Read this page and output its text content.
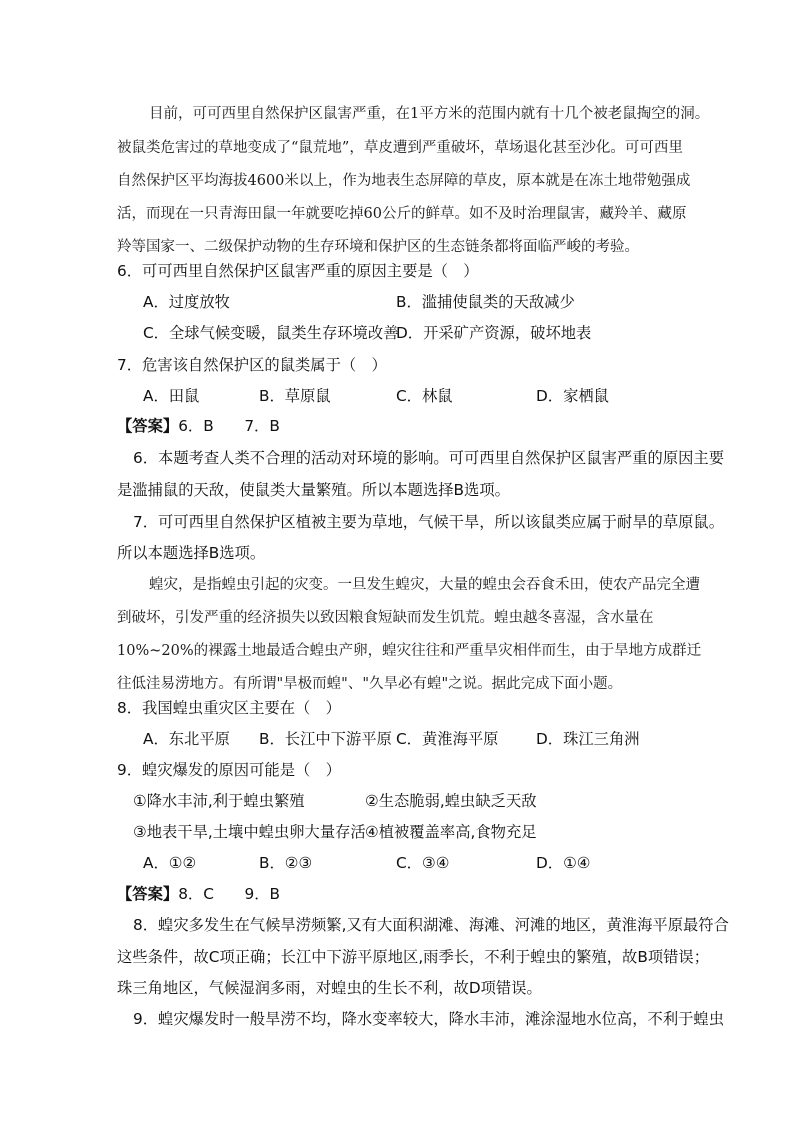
目前，可可西里自然保护区鼠害严重，在1平方米的范围内就有十几个被老鼠掏空的洞。
被鼠类危害过的草地变成了“鼠荒地”，草皮遭到严重破坏，草场退化甚至沙化。可可西里
自然保护区平均海拔4600米以上，作为地表生态屏障的草皮，原本就是在冻土地带勉强成
活，而现在一只青海田鼠一年就要吃掉60公斤的鲜草。如不及时治理鼠害，藏羚羊、藏原
羚等国家一、二级保护动物的生存环境和保护区的生态链条都将面临严峻的考验。
6．可可西里自然保护区鼠害严重的原因主要是（　）
A．过度放牧	B．滥捕使鼠类的天敌减少
C．全球气候变暖，鼠类生存环境改善
D．开采矿产资源，破坏地表
7．危害该自然保护区的鼠类属于（　）
A．田鼠	B．草原鼠	C．林鼠	D．家栖鼠
【答案】6．B　　7．B
6．本题考查人类不合理的活动对环境的影响。可可西里自然保护区鼠害严重的原因主要
是滥捕鼠的天敌，使鼠类大量繁殖。所以本题选择B选项。
7．可可西里自然保护区植被主要为草地，气候干旱，所以该鼠类应属于耐旱的草原鼠。
所以本题选择B选项。
蝗灾，是指蝗虫引起的灾变。一旦发生蝗灾，大量的蝗虫会吞食禾田，使农产品完全遭
到破坏，引发严重的经济损失以致因粮食短缺而发生饥荒。蝗虫越冬喜湿，含水量在
10%~20%的裸露土地最适合蝗虫产卵，蝗灾往往和严重旱灾相伴而生，由于旱地方成群迁
往低洼易涝地方。有所谓"旱极而蝗"、"久旱必有蝗"之说。据此完成下面小题。
8．我国蝗虫重灾区主要在（　）
A．东北平原 B．长江中下游平原 C．黄淮海平原 D．珠江三角洲
9．蝗灾爆发的原因可能是（　）
①降水丰沛,利于蝗虫繁殖	②生态脆弱,蝗虫缺乏天敌
③地表干旱,土壤中蝗虫卵大量存活 ④植被覆盖率高,食物充足
A．①②	B．②③	C．③④	D．①④
【答案】8．C　　9．B
8．蝗灾多发生在气候旱涝频繁,又有大面积湖滩、海滩、河滩的地区，黄淮海平原最符合
这些条件，故C项正确；长江中下游平原地区,雨季长，不利于蝗虫的繁殖，故B项错误；
珠三角地区，气候湿润多雨，对蝗虫的生长不利，故D项错误。
9．蝗灾爆发时一般旱涝不均，降水变率较大，降水丰沛，滩涂湿地水位高，不利于蝗虫
